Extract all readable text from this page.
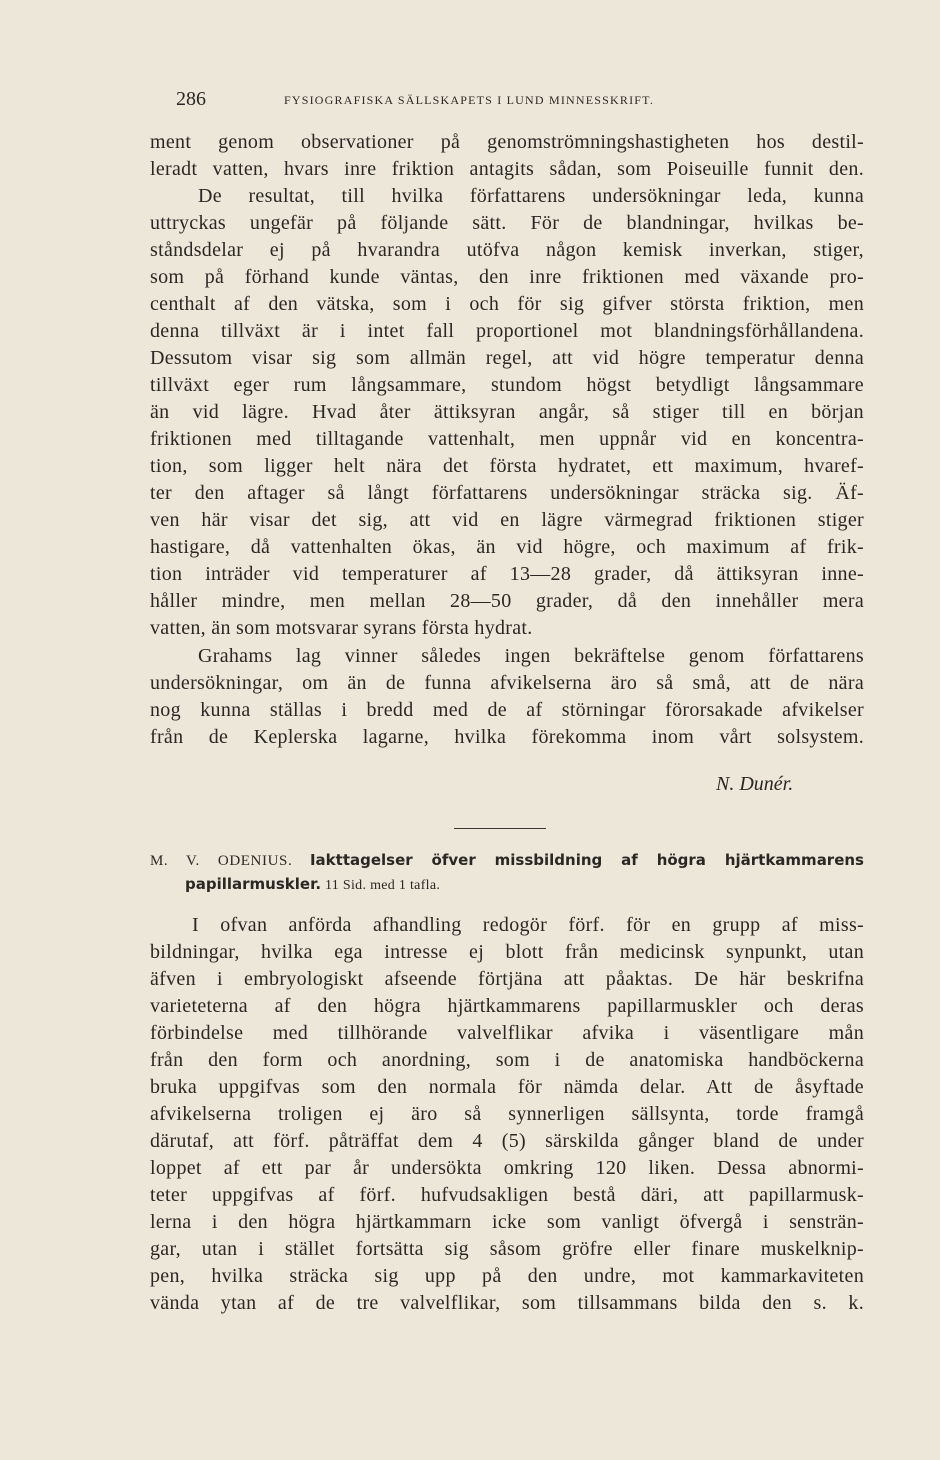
286	FYSIOGRAFISKA SÄLLSKAPETS I LUND MINNESSKRIFT.
ment genom observationer på genomströmningshastigheten hos destil-
leradt vatten, hvars inre friktion antagits sådan, som Poiseuille funnit den.
De resultat, till hvilka författarens undersökningar leda, kunna
uttryckas ungefär på följande sätt. För de blandningar, hvilkas be-
ståndsdelar ej på hvarandra utöfva någon kemisk inverkan, stiger,
som på förhand kunde väntas, den inre friktionen med växande pro-
centhalt af den vätska, som i och för sig gifver största friktion, men
denna tillväxt är i intet fall proportionel mot blandningsförhållandena.
Dessutom visar sig som allmän regel, att vid högre temperatur denna
tillväxt eger rum långsammare, stundom högst betydligt långsammare
än vid lägre. Hvad åter ättiksyran angår, så stiger till en början
friktionen med tilltagande vattenhalt, men uppnår vid en koncentra-
tion, som ligger helt nära det första hydratet, ett maximum, hvaref-
ter den aftager så långt författarens undersökningar sträcka sig. Äf-
ven här visar det sig, att vid en lägre värmegrad friktionen stiger
hastigare, då vattenhalten ökas, än vid högre, och maximum af frik-
tion inträder vid temperaturer af 13—28 grader, då ättiksyran inne-
håller mindre, men mellan 28—50 grader, då den innehåller mera
vatten, än som motsvarar syrans första hydrat.
Grahams lag vinner således ingen bekräftelse genom författarens
undersökningar, om än de funna afvikelserna äro så små, att de nära
nog kunna ställas i bredd med de af störningar förorsakade afvikelser
från de Keplerska lagarne, hvilka förekomma inom vårt solsystem.
N. Dunér.
M. V. ODENIUS. Iakttagelser öfver missbildning af högra hjärtkammarens
papillarmuskler. 11 Sid. med 1 tafla.
I ofvan anförda afhandling redogör förf. för en grupp af miss-
bildningar, hvilka ega intresse ej blott från medicinsk synpunkt, utan
äfven i embryologiskt afseende förtjäna att påaktas. De här beskrifna
varieteterna af den högra hjärtkammarens papillarmuskler och deras
förbindelse med tillhörande valvelflikar afvika i väsentligare mån
från den form och anordning, som i de anatomiska handböckerna
bruka uppgifvas som den normala för nämda delar. Att de åsyftade
afvikelserna troligen ej äro så synnerligen sällsynta, torde framgå
därutaf, att förf. påträffat dem 4 (5) särskilda gånger bland de under
loppet af ett par år undersökta omkring 120 liken. Dessa abnormi-
teter uppgifvas af förf. hufvudsakligen bestå däri, att papillarmusk-
lerna i den högra hjärtkammarn icke som vanligt öfvergå i sensträn-
gar, utan i stället fortsätta sig såsom gröfre eller finare muskelknip-
pen, hvilka sträcka sig upp på den undre, mot kammarkaviteten
vända ytan af de tre valvelflikar, som tillsammans bilda den s. k.
